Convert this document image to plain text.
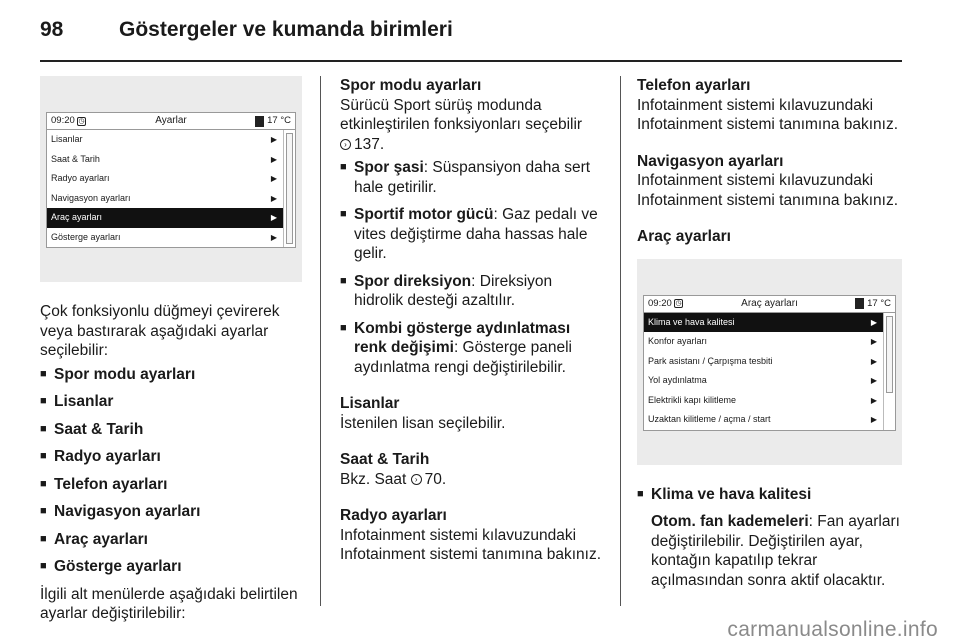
98	Göstergeler ve kumanda birimleri
09:20 ◷	Ayarlar	17 °C
Lisanlar	▶
Saat & Tarih	▶
Radyo ayarları	▶
Navigasyon ayarları	▶
Araç ayarları	▶
Gösterge ayarları	▶

Çok fonksiyonlu düğmeyi çevirerek veya bastırarak aşağıdaki ayarlar seçilebilir:

■ Spor modu ayarları
■ Lisanlar
■ Saat & Tarih
■ Radyo ayarları
■ Telefon ayarları
■ Navigasyon ayarları
■ Araç ayarları
■ Gösterge ayarları

İlgili alt menülerde aşağıdaki belirtilen ayarlar değiştirilebilir:

Spor modu ayarları
Sürücü Sport sürüş modunda etkinleştirilen fonksiyonları seçebilir
› 137.
■ Spor şasi: Süspansiyon daha sert hale getirilir.
■ Sportif motor gücü: Gaz pedalı ve vites değiştirme daha hassas hale gelir.
■ Spor direksiyon: Direksiyon hidrolik desteği azaltılır.
■ Kombi gösterge aydınlatması renk değişimi: Gösterge paneli aydınlatma rengi değiştirilebilir.
Lisanlar
İstenilen lisan seçilebilir.
Saat & Tarih
Bkz. Saat › 70.
Radyo ayarları
Infotainment sistemi kılavuzundaki Infotainment sistemi tanımına bakınız.
Telefon ayarları
Infotainment sistemi kılavuzundaki Infotainment sistemi tanımına bakınız.
Navigasyon ayarları
Infotainment sistemi kılavuzundaki Infotainment sistemi tanımına bakınız.
Araç ayarları
09:20 ◷	Araç ayarları	17 °C
Klima ve hava kalitesi	▶
Konfor ayarları	▶
Park asistanı / Çarpışma tesbiti	▶
Yol aydınlatma	▶
Elektrikli kapı kilitleme	▶
Uzaktan kilitleme / açma / start	▶
■ Klima ve hava kalitesi
Otom. fan kademeleri: Fan ayarları değiştirilebilir. Değiştirilen ayar, kontağın kapatılıp tekrar açılmasından sonra aktif olacaktır.
carmanualsonline.info
